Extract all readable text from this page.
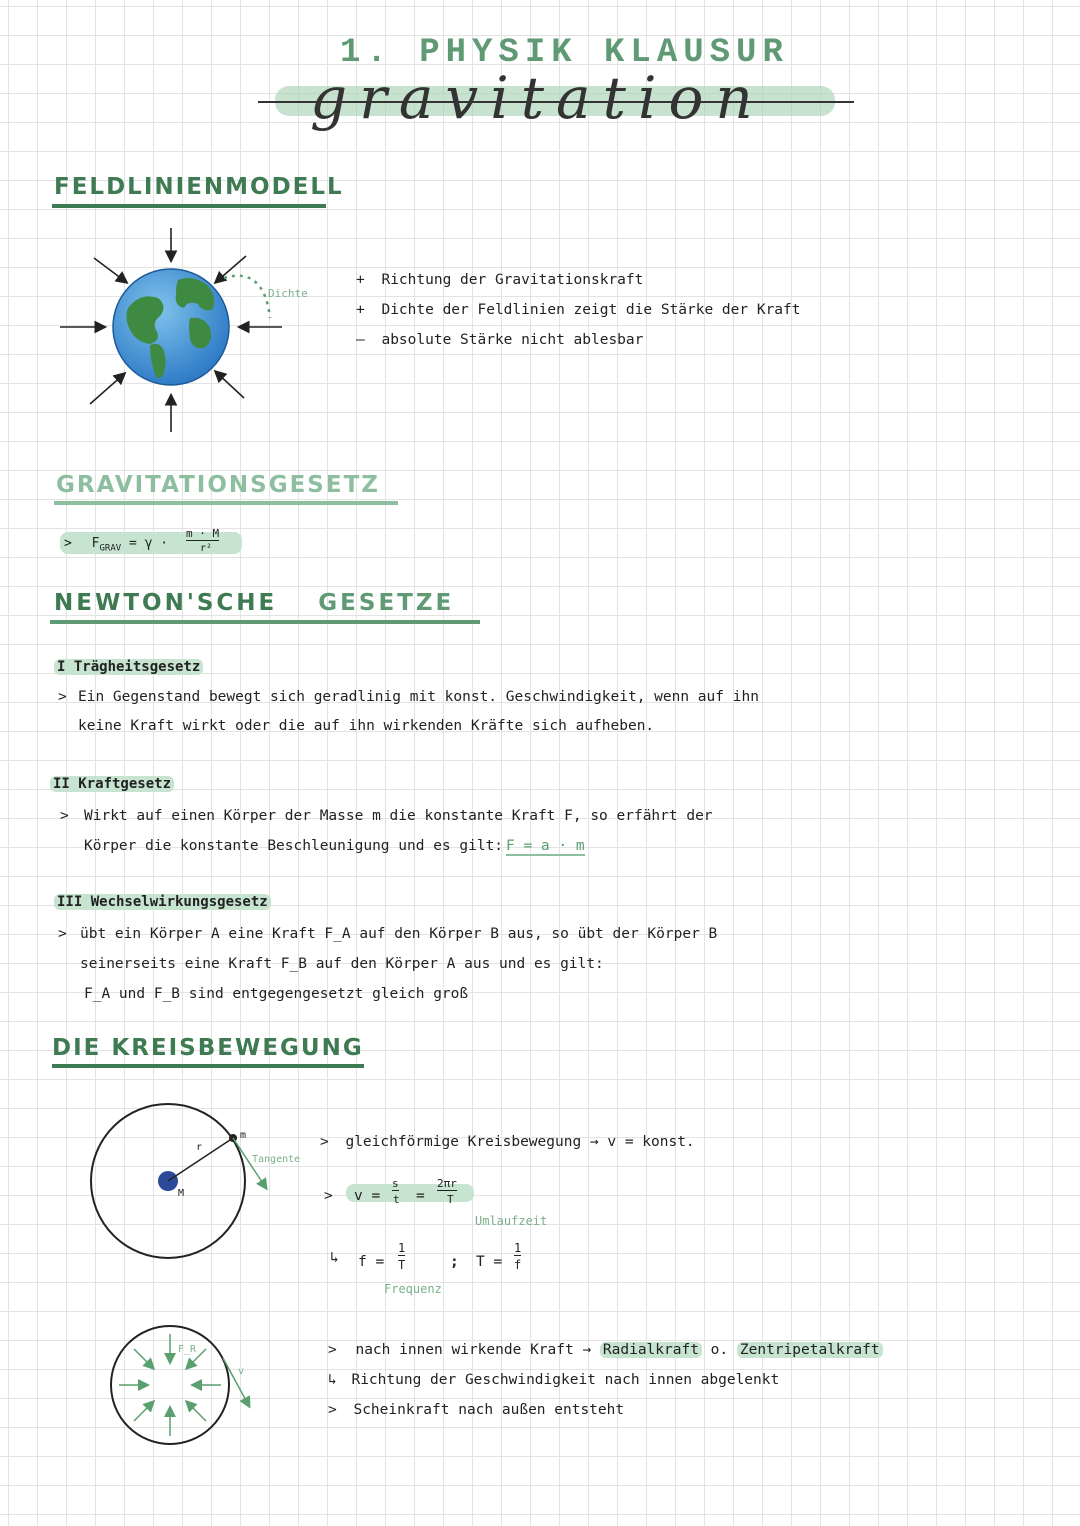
1. PHYSIK KLAUSUR
gravitation
FELDLINIENMODELL
Dichte
+ Richtung der Gravitationskraft
+ Dichte der Feldlinien zeigt die Stärke der Kraft
— absolute Stärke nicht ablesbar
GRAVITATIONSGESETZ
> $F_{GRAV} = \gamma$ ·
m · M
r²
NEWTON'SCHE GESETZE
I Trägheitsgesetz
> Ein Gegenstand bewegt sich geradlinig mit konst. Geschwindigkeit, wenn auf ihn
keine Kraft wirkt oder die auf ihn wirkenden Kräfte sich aufheben.
II Kraftgesetz
> Wirkt auf einen Körper der Masse m die konstante Kraft F, so erfährt der
Körper die konstante Beschleunigung und es gilt: F = a · m
III Wechselwirkungsgesetz
> übt ein Körper A eine Kraft F_A auf den Körper B aus, so übt der Körper B
seinerseits eine Kraft F_B auf den Körper A aus und es gilt:
F_A und F_B sind entgegengesetzt gleich groß
DIE KREISBEWEGUNG
r
m
M
Tangente
F_R
v
> gleichförmige Kreisbewegung → v = konst.
> v =
s
t =
2πr
T
Umlaufzeit
↳ f =
1
T	; T =
1
f
Frequenz
> nach innen wirkende Kraft → Radialkraft o. Zentripetalkraft
↳ Richtung der Geschwindigkeit nach innen abgelenkt
> Scheinkraft nach außen entsteht
